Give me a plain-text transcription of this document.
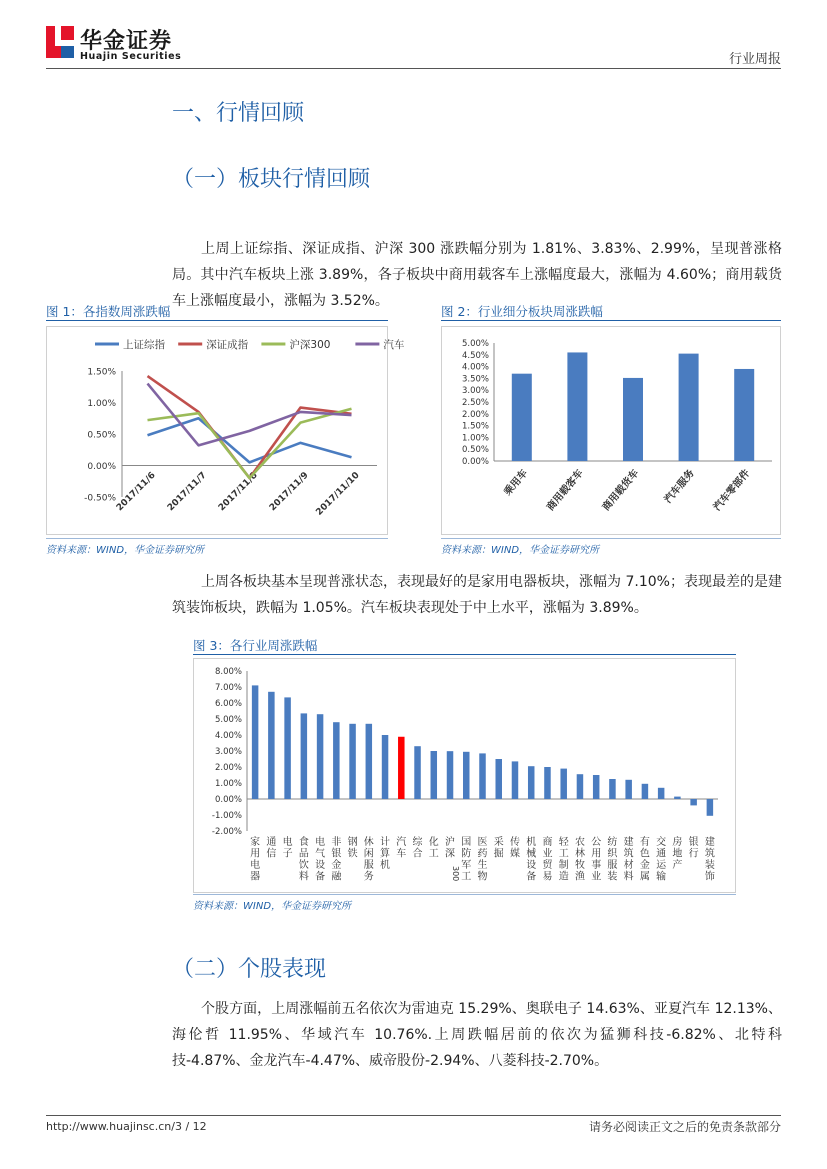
华金证券
Huajin Securities	行业周报
一、行情回顾
（一）板块行情回顾
上周上证综指、深证成指、沪深 300 涨跌幅分别为 1.81%、3.83%、2.99%，呈现普涨格局。其中汽车板块上涨 3.89%，各子板块中商用载客车上涨幅度最大，涨幅为 4.60%；商用载货车上涨幅度最小，涨幅为 3.52%。
图 1：各指数周涨跌幅
上证综指	深证成指	沪深300	汽车
1.50%
1.00%
0.50%
0.00%
-0.50%
2017/11/6 2017/11/7 2017/11/8 2017/11/9 2017/11/10
资料来源：WIND，华金证券研究所
图 2：行业细分板块周涨跌幅
5.00%
4.50%
4.00%
3.50%
3.00%
2.50%
2.00%
1.50%
1.00%
0.50%
0.00%
乘用车 商用载客车 商用载货车 汽车服务 汽车零部件
资料来源：WIND，华金证券研究所
上周各板块基本呈现普涨状态，表现最好的是家用电器板块，涨幅为 7.10%；表现最差的是建筑装饰板块，跌幅为 1.05%。汽车板块表现处于中上水平，涨幅为 3.89%。
图 3：各行业周涨跌幅
8.00%
7.00%
6.00%
5.00%
4.00%
3.00%
2.00%
1.00%
0.00%
-1.00%
-2.00%
家用电器
通信
电子
食品饮料
电气设备
非银金融
钢铁
休闲服务
计算机
汽车
综合
化工
沪深
300
国防军工
医药生物
采掘
传媒
机械设备
商业贸易
轻工制造
农林牧渔
公用事业
纺织服装
建筑材料
有色金属
交通运输
房地产
银行
建筑装饰
资料来源：WIND，华金证券研究所
（二）个股表现
个股方面，上周涨幅前五名依次为雷迪克 15.29%、奥联电子 14.63%、亚夏汽车 12.13%、海伦哲 11.95%、华域汽车 10.76%.上周跌幅居前的依次为猛狮科技-6.82%、北特科技-4.87%、金龙汽车-4.47%、威帝股份-2.94%、八菱科技-2.70%。
http://www.huajinsc.cn/3 / 12	请务必阅读正文之后的免责条款部分
